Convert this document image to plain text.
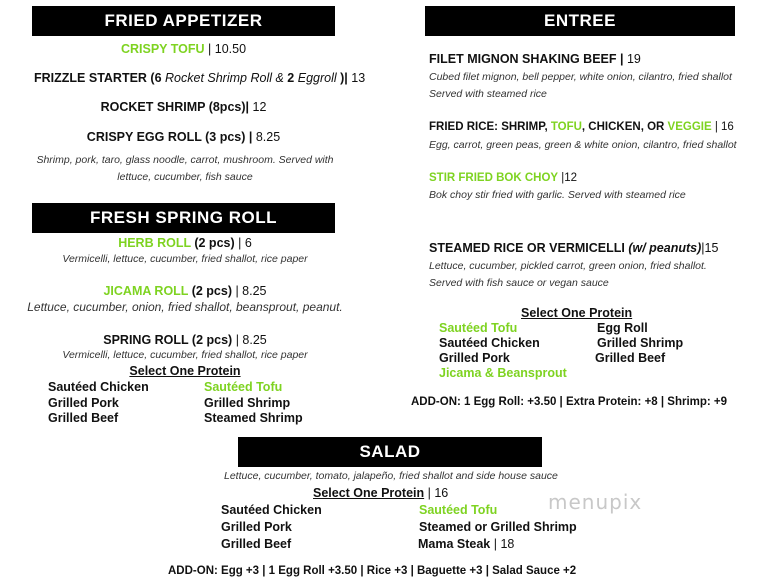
FRIED APPETIZER
CRISPY TOFU | 10.50
FRIZZLE STARTER (6 Rocket Shrimp Roll & 2 Eggroll )| 13
ROCKET SHRIMP (8pcs)| 12
CRISPY EGG ROLL (3 pcs) | 8.25
Shrimp, pork, taro, glass noodle, carrot, mushroom. Served with
lettuce, cucumber, fish sauce
FRESH SPRING ROLL
HERB ROLL (2 pcs) | 6
Vermicelli, lettuce, cucumber, fried shallot, rice paper
JICAMA ROLL (2 pcs) | 8.25
Lettuce, cucumber, onion, fried shallot, beansprout, peanut.
SPRING ROLL (2 pcs) | 8.25
Vermicelli, lettuce, cucumber, fried shallot, rice paper
Select One Protein
Sautéed Chicken
Grilled Pork
Grilled Beef
Sautéed Tofu
Grilled Shrimp
Steamed Shrimp
ENTREE
FILET MIGNON SHAKING BEEF | 19
Cubed filet mignon, bell pepper, white onion, cilantro, fried shallot
Served with steamed rice
FRIED RICE: SHRIMP, TOFU, CHICKEN, OR VEGGIE | 16
Egg, carrot, green peas, green & white onion, cilantro, fried shallot
STIR FRIED BOK CHOY |12
Bok choy stir fried with garlic. Served with steamed rice
STEAMED RICE OR VERMICELLI (w/ peanuts)|15
Lettuce, cucumber, pickled carrot, green onion, fried shallot.
Served with fish sauce or vegan sauce
Select One Protein
Sautéed Tofu
Sautéed Chicken
Grilled Pork
Jicama & Beansprout
Egg Roll
Grilled Shrimp
Grilled Beef
ADD-ON: 1 Egg Roll: +3.50 | Extra Protein: +8 | Shrimp: +9
SALAD
Lettuce, cucumber, tomato, jalapeño, fried shallot and side house sauce
Select One Protein | 16
Sautéed Chicken
Grilled Pork
Grilled Beef
Sautéed Tofu
Steamed or Grilled Shrimp
Mama Steak | 18
ADD-ON: Egg +3 | 1 Egg Roll +3.50 | Rice +3 | Baguette +3 | Salad Sauce +2
menupix
